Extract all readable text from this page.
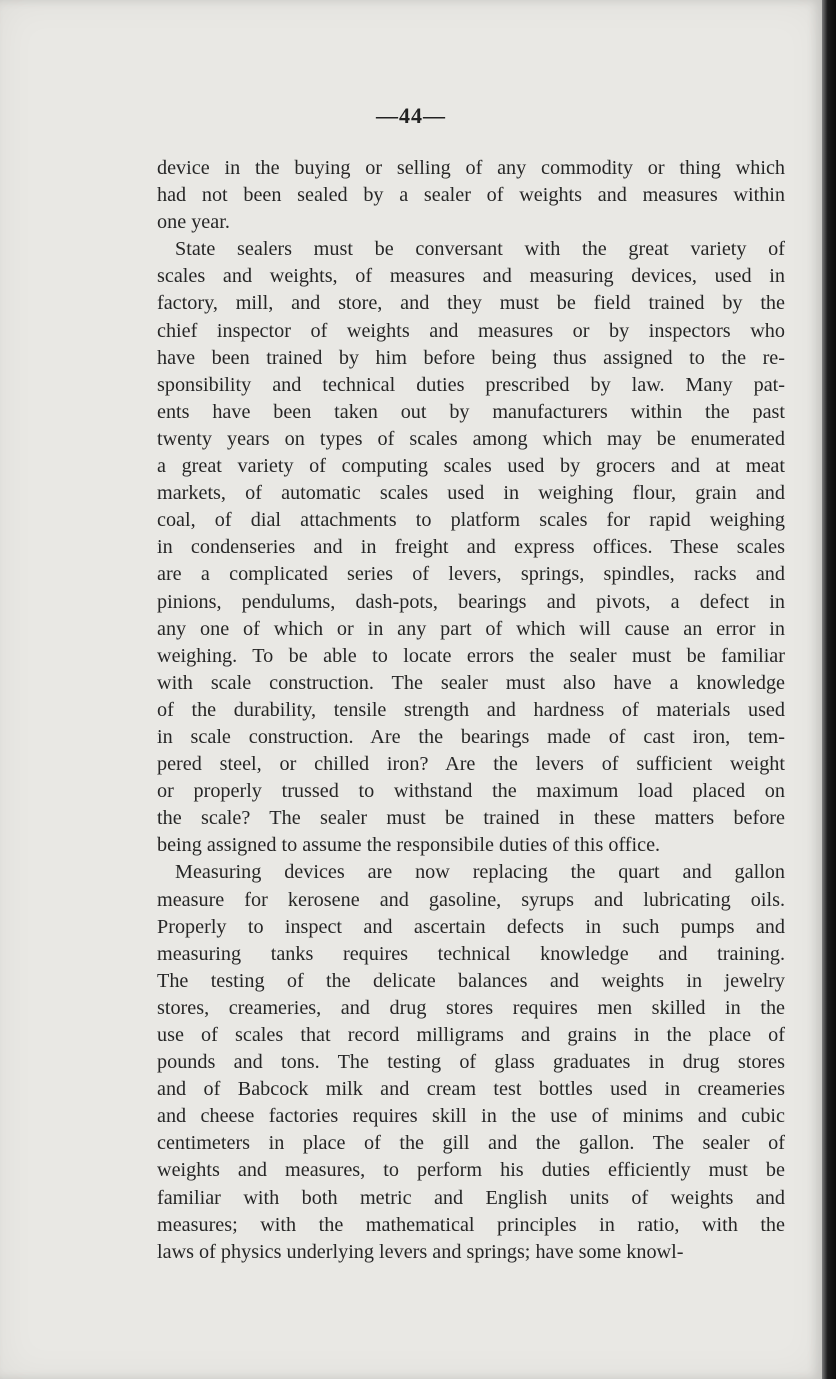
—44—

device in the buying or selling of any commodity or thing which
had not been sealed by a sealer of weights and measures within
one year.

State sealers must be conversant with the great variety of
scales and weights, of measures and measuring devices, used in
factory, mill, and store, and they must be field trained by the
chief inspector of weights and measures or by inspectors who
have been trained by him before being thus assigned to the re-
sponsibility and technical duties prescribed by law. Many pat-
ents have been taken out by manufacturers within the past
twenty years on types of scales among which may be enumerated
a great variety of computing scales used by grocers and at meat
markets, of automatic scales used in weighing flour, grain and
coal, of dial attachments to platform scales for rapid weighing
in condenseries and in freight and express offices. These scales
are a complicated series of levers, springs, spindles, racks and
pinions, pendulums, dash-pots, bearings and pivots, a defect in
any one of which or in any part of which will cause an error in
weighing. To be able to locate errors the sealer must be familiar
with scale construction. The sealer must also have a knowledge
of the durability, tensile strength and hardness of materials used
in scale construction. Are the bearings made of cast iron, tem-
pered steel, or chilled iron? Are the levers of sufficient weight
or properly trussed to withstand the maximum load placed on
the scale? The sealer must be trained in these matters before
being assigned to assume the responsibile duties of this office.

Measuring devices are now replacing the quart and gallon
measure for kerosene and gasoline, syrups and lubricating oils.
Properly to inspect and ascertain defects in such pumps and
measuring tanks requires technical knowledge and training.
The testing of the delicate balances and weights in jewelry
stores, creameries, and drug stores requires men skilled in the
use of scales that record milligrams and grains in the place of
pounds and tons. The testing of glass graduates in drug stores
and of Babcock milk and cream test bottles used in creameries
and cheese factories requires skill in the use of minims and cubic
centimeters in place of the gill and the gallon. The sealer of
weights and measures, to perform his duties efficiently must be
familiar with both metric and English units of weights and
measures; with the mathematical principles in ratio, with the
laws of physics underlying levers and springs; have some knowl-
